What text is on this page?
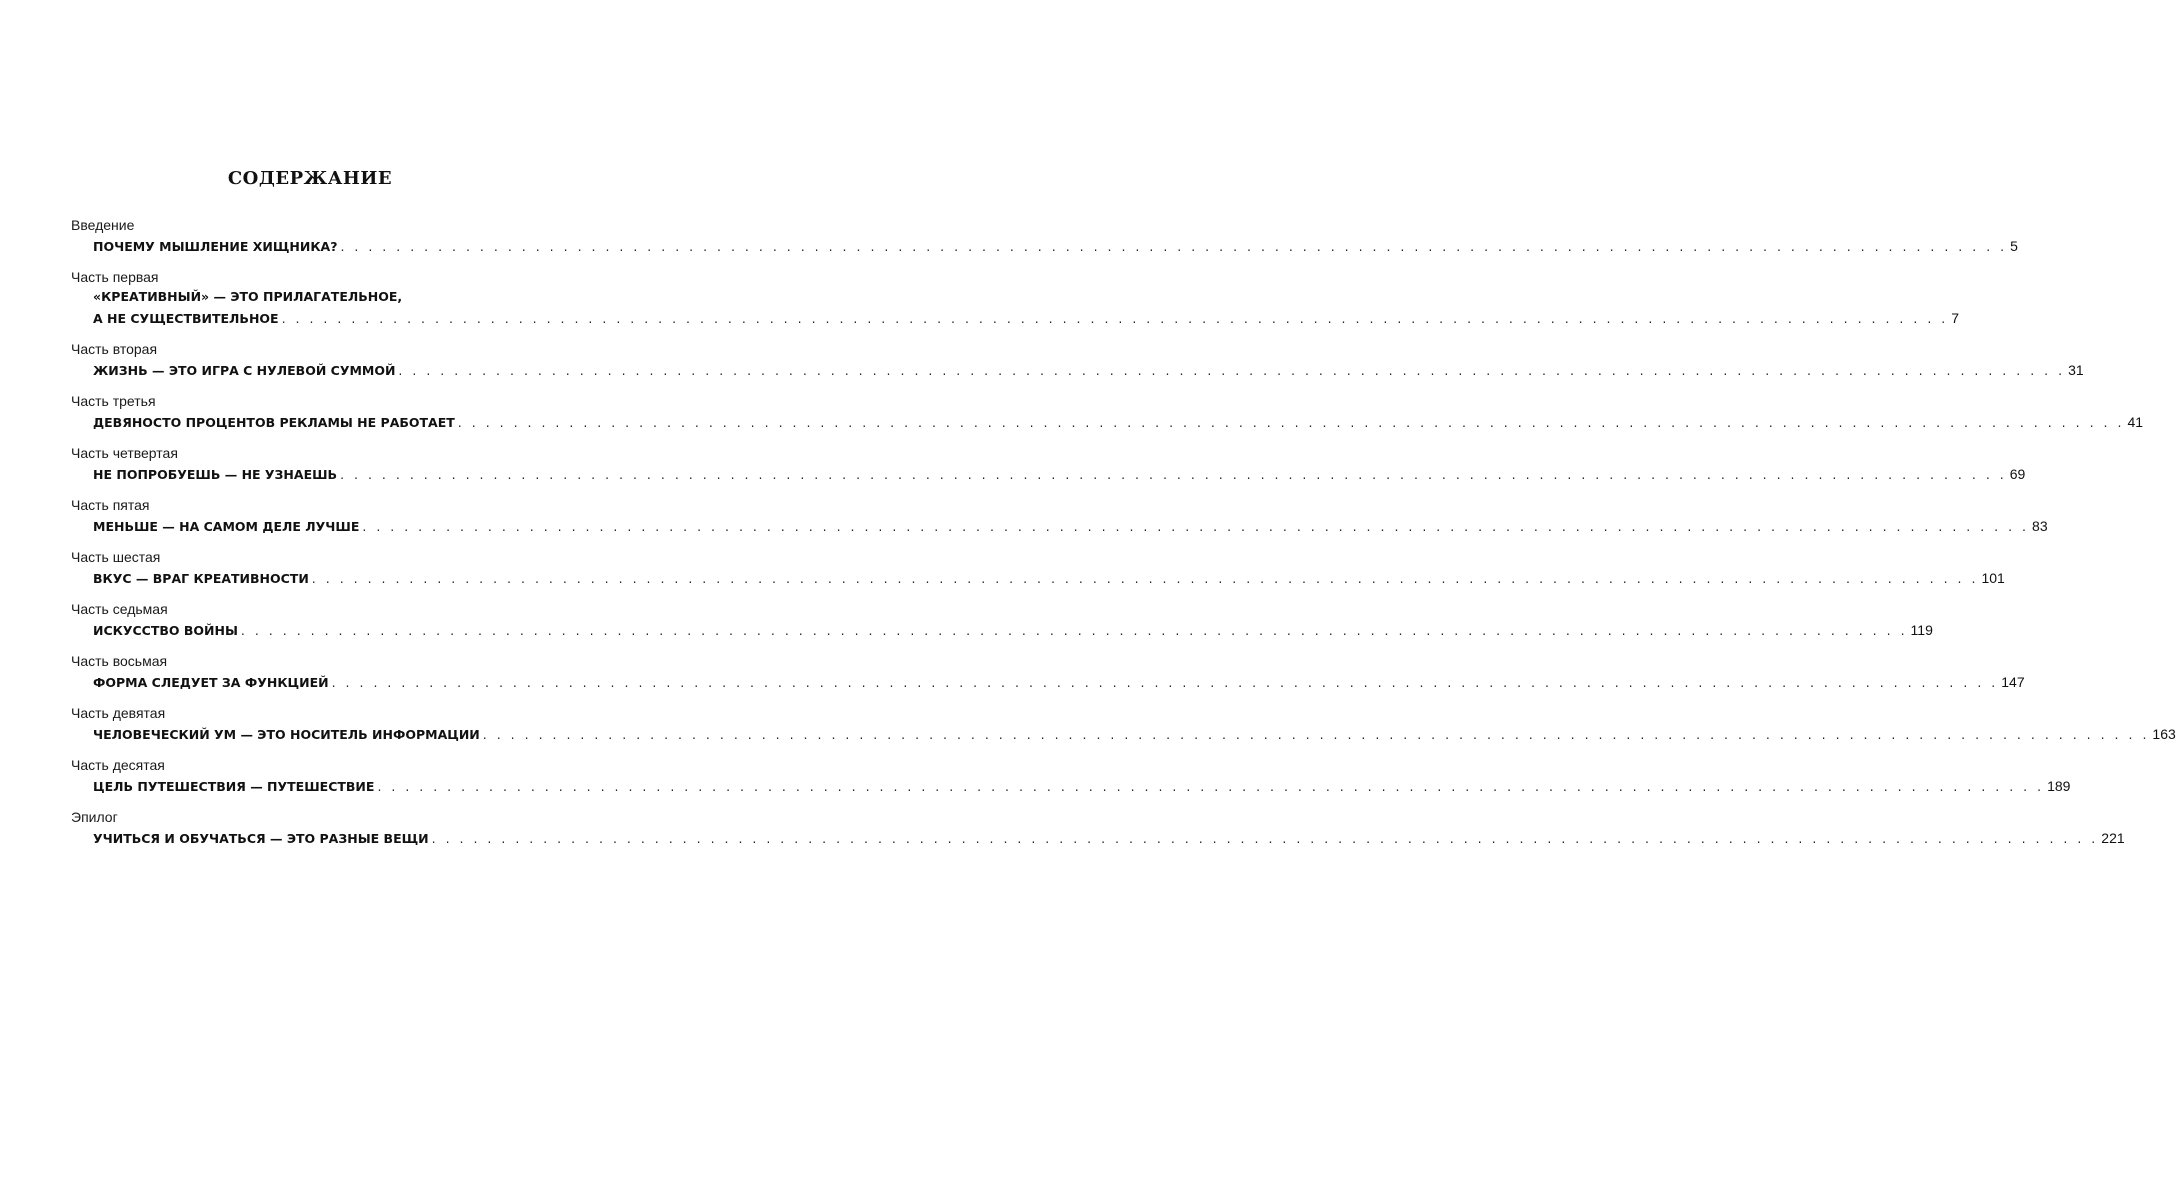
СОДЕРЖАНИЕ
Введение
ПОЧЕМУ МЫШЛЕНИЕ ХИЩНИКА? . . . . . . . . . . . . . . . . . . . . . . . . . . . . . . . . . . . . . . . . . . . . . . . . . . . . . . . . . . . . . . . . . . . . . . . . . . . . . . . . . . . . . . . . . . . . . . . . . . . . . . . . . . . . . . . . . . . . . . . . 5
Часть первая
«КРЕАТИВНЫЙ» — ЭТО ПРИЛАГАТЕЛЬНОЕ,
А НЕ СУЩЕСТВИТЕЛЬНОЕ . . . . . . . . . . . . . . . . . . . . . . . . . . . . . . . . . . . . . . . . . . . . . . . . . . . . . . . . . . . . . . . . . . . . . . . . . . . . . . . . . . . . . . . . . . . . . . . . . . . . . . . . . . . . . . . . . . . . . . . . 7
Часть вторая
ЖИЗНЬ — ЭТО ИГРА С НУЛЕВОЙ СУММОЙ . . . . . . . . . . . . . . . . . . . . . . . . . . . . . . . . . . . . . . . . . . . . . . . . . . . . . . . . . . . . . . . . . . . . . . . . . . . . . . . . . . . . . . . . . . . . . . . . . . . . . . . . . . . . . . . . . . . . . . . . 31
Часть третья
ДЕВЯНОСТО ПРОЦЕНТОВ РЕКЛАМЫ НЕ РАБОТАЕТ . . . . . . . . . . . . . . . . . . . . . . . . . . . . . . . . . . . . . . . . . . . . . . . . . . . . . . . . . . . . . . . . . . . . . . . . . . . . . . . . . . . . . . . . . . . . . . . . . . . . . . . . . . . . . . . . . . . . . . . . 41
Часть четвертая
НЕ ПОПРОБУЕШЬ — НЕ УЗНАЕШЬ . . . . . . . . . . . . . . . . . . . . . . . . . . . . . . . . . . . . . . . . . . . . . . . . . . . . . . . . . . . . . . . . . . . . . . . . . . . . . . . . . . . . . . . . . . . . . . . . . . . . . . . . . . . . . . . . . . . . . . . . 69
Часть пятая
МЕНЬШЕ — НА САМОМ ДЕЛЕ ЛУЧШЕ . . . . . . . . . . . . . . . . . . . . . . . . . . . . . . . . . . . . . . . . . . . . . . . . . . . . . . . . . . . . . . . . . . . . . . . . . . . . . . . . . . . . . . . . . . . . . . . . . . . . . . . . . . . . . . . . . . . . . . . . 83
Часть шестая
ВКУС — ВРАГ КРЕАТИВНОСТИ . . . . . . . . . . . . . . . . . . . . . . . . . . . . . . . . . . . . . . . . . . . . . . . . . . . . . . . . . . . . . . . . . . . . . . . . . . . . . . . . . . . . . . . . . . . . . . . . . . . . . . . . . . . . . . . . . . . . . . . . 101
Часть седьмая
ИСКУССТВО ВОЙНЫ . . . . . . . . . . . . . . . . . . . . . . . . . . . . . . . . . . . . . . . . . . . . . . . . . . . . . . . . . . . . . . . . . . . . . . . . . . . . . . . . . . . . . . . . . . . . . . . . . . . . . . . . . . . . . . . . . . . . . . . . 119
Часть восьмая
ФОРМА СЛЕДУЕТ ЗА ФУНКЦИЕЙ . . . . . . . . . . . . . . . . . . . . . . . . . . . . . . . . . . . . . . . . . . . . . . . . . . . . . . . . . . . . . . . . . . . . . . . . . . . . . . . . . . . . . . . . . . . . . . . . . . . . . . . . . . . . . . . . . . . . . . . . 147
Часть девятая
ЧЕЛОВЕЧЕСКИЙ УМ — ЭТО НОСИТЕЛЬ ИНФОРМАЦИИ . . . . . . . . . . . . . . . . . . . . . . . . . . . . . . . . . . . . . . . . . . . . . . . . . . . . . . . . . . . . . . . . . . . . . . . . . . . . . . . . . . . . . . . . . . . . . . . . . . . . . . . . . . . . . . . . . . . . . . . . 163
Часть десятая
ЦЕЛЬ ПУТЕШЕСТВИЯ — ПУТЕШЕСТВИЕ . . . . . . . . . . . . . . . . . . . . . . . . . . . . . . . . . . . . . . . . . . . . . . . . . . . . . . . . . . . . . . . . . . . . . . . . . . . . . . . . . . . . . . . . . . . . . . . . . . . . . . . . . . . . . . . . . . . . . . . . 189
Эпилог
УЧИТЬСЯ И ОБУЧАТЬСЯ — ЭТО РАЗНЫЕ ВЕЩИ . . . . . . . . . . . . . . . . . . . . . . . . . . . . . . . . . . . . . . . . . . . . . . . . . . . . . . . . . . . . . . . . . . . . . . . . . . . . . . . . . . . . . . . . . . . . . . . . . . . . . . . . . . . . . . . . . . . . . . . . 221
